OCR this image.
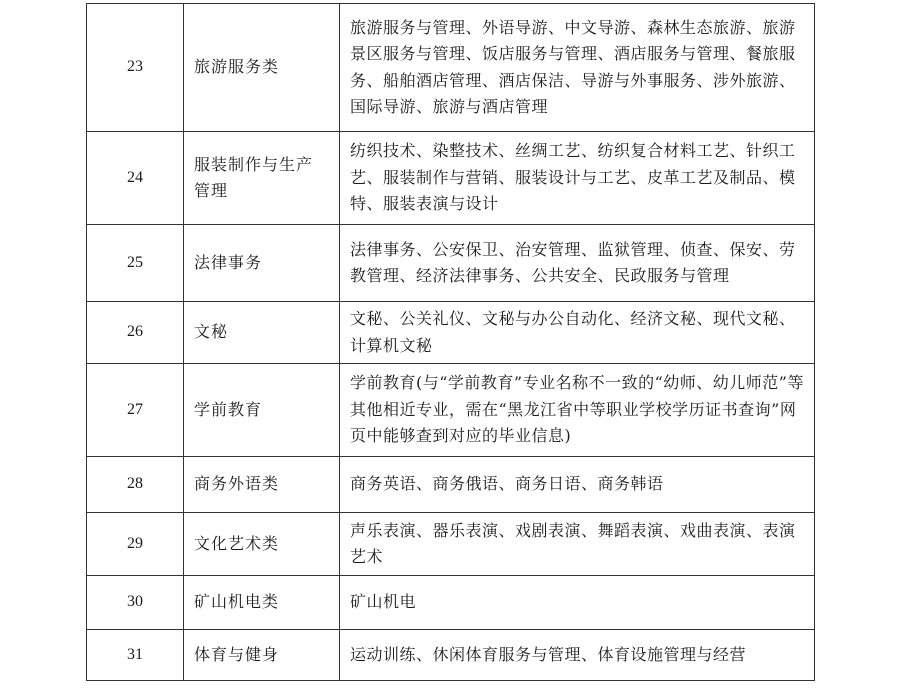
23	旅游服务类	旅游服务与管理、外语导游、中文导游、森林生态旅游、旅游景区服务与管理、饭店服务与管理、酒店服务与管理、餐旅服务、船舶酒店管理、酒店保洁、导游与外事服务、涉外旅游、国际导游、旅游与酒店管理
24	服装制作与生产管理	纺织技术、染整技术、丝绸工艺、纺织复合材料工艺、针织工艺、服装制作与营销、服装设计与工艺、皮革工艺及制品、模特、服装表演与设计
25	法律事务	法律事务、公安保卫、治安管理、监狱管理、侦查、保安、劳教管理、经济法律事务、公共安全、民政服务与管理
26	文秘	文秘、公关礼仪、文秘与办公自动化、经济文秘、现代文秘、计算机文秘
27	学前教育	学前教育(与“学前教育”专业名称不一致的“幼师、幼儿师范”等其他相近专业，需在“黑龙江省中等职业学校学历证书查询”网页中能够查到对应的毕业信息)
28	商务外语类	商务英语、商务俄语、商务日语、商务韩语
29	文化艺术类	声乐表演、器乐表演、戏剧表演、舞蹈表演、戏曲表演、表演艺术
30	矿山机电类	矿山机电
31	体育与健身	运动训练、休闲体育服务与管理、体育设施管理与经营
